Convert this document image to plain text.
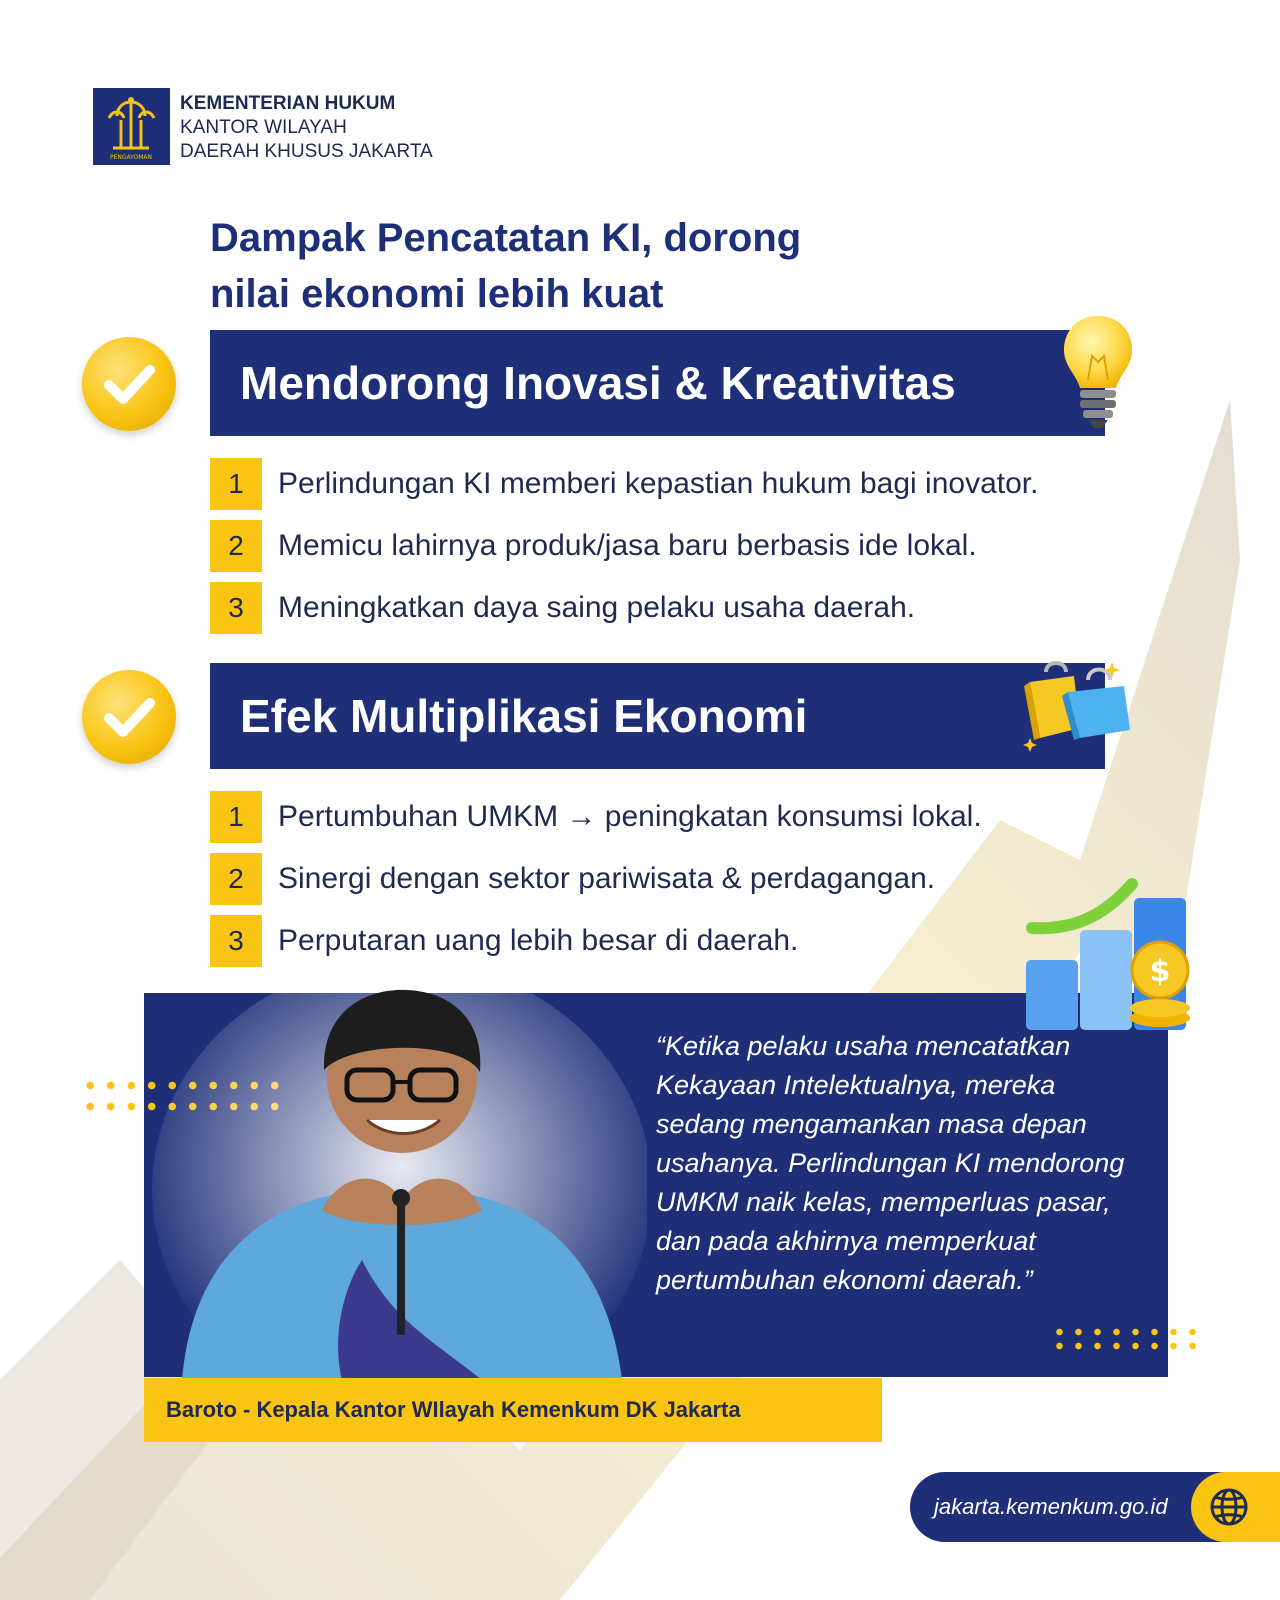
PENGAYOMAN
KEMENTERIAN HUKUM
KANTOR WILAYAH
DAERAH KHUSUS JAKARTA
Dampak Pencatatan KI, dorong
nilai ekonomi lebih kuat
Mendorong Inovasi & Kreativitas
1	Perlindungan KI memberi kepastian hukum bagi inovator.
2	Memicu lahirnya produk/jasa baru berbasis ide lokal.
3	Meningkatkan daya saing pelaku usaha daerah.
Efek Multiplikasi Ekonomi
1	Pertumbuhan UMKM → peningkatan konsumsi lokal.
2	Sinergi dengan sektor pariwisata & perdagangan.
3	Perputaran uang lebih besar di daerah.
$
“Ketika pelaku usaha mencatatkan Kekayaan Intelektualnya, mereka sedang mengamankan masa depan usahanya. Perlindungan KI mendorong UMKM naik kelas, memperluas pasar, dan pada akhirnya memperkuat pertumbuhan ekonomi daerah.”
Baroto - Kepala Kantor WIlayah Kemenkum DK Jakarta
jakarta.kemenkum.go.id
